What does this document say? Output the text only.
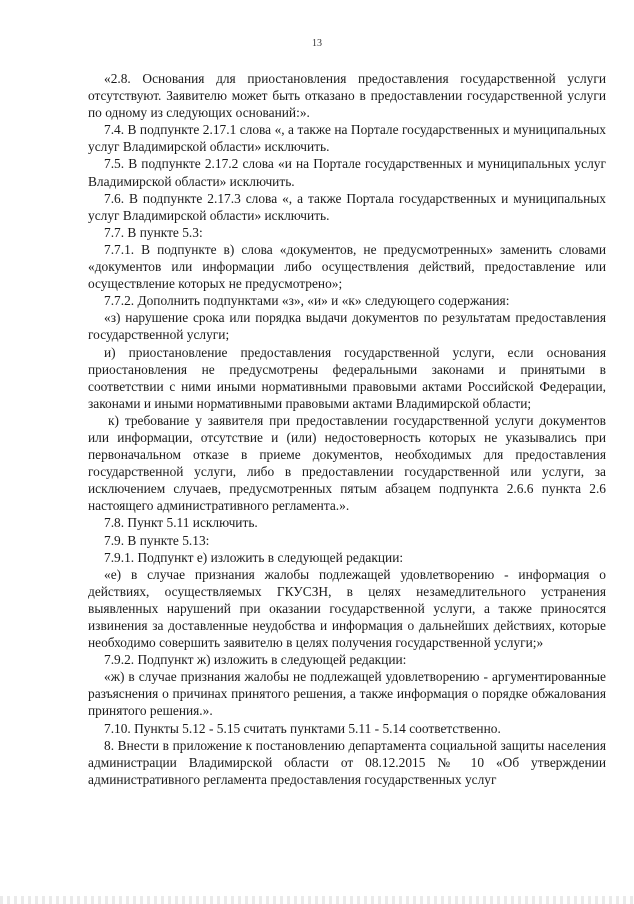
13

«2.8. Основания для приостановления предоставления государственной услуги отсутствуют. Заявителю может быть отказано в предоставлении государственной услуги по одному из следующих оснований:».

7.4. В подпункте 2.17.1 слова «, а также на Портале государственных и муниципальных услуг Владимирской области» исключить.

7.5. В подпункте 2.17.2 слова «и на Портале государственных и муниципальных услуг Владимирской области» исключить.

7.6. В подпункте 2.17.3 слова «, а также Портала государственных и муниципальных услуг Владимирской области» исключить.

7.7. В пункте 5.3:

7.7.1. В подпункте в) слова «документов, не предусмотренных» заменить словами «документов или информации либо осуществления действий, предоставление или осуществление которых не предусмотрено»;

7.7.2. Дополнить подпунктами «з», «и» и «к» следующего содержания:

«з) нарушение срока или порядка выдачи документов по результатам предоставления государственной услуги;

и) приостановление предоставления государственной услуги, если основания приостановления не предусмотрены федеральными законами и принятыми в соответствии с ними иными нормативными правовыми актами Российской Федерации, законами и иными нормативными правовыми актами Владимирской области;

к) требование у заявителя при предоставлении государственной услуги документов или информации, отсутствие и (или) недостоверность которых не указывались при первоначальном отказе в приеме документов, необходимых для предоставления государственной услуги, либо в предоставлении государственной или услуги, за исключением случаев, предусмотренных пятым абзацем подпункта 2.6.6 пункта 2.6 настоящего административного регламента.».

7.8. Пункт 5.11 исключить.

7.9. В пункте 5.13:

7.9.1. Подпункт е) изложить в следующей редакции:

«е) в случае признания жалобы подлежащей удовлетворению - информация о действиях, осуществляемых ГКУСЗН, в целях незамедлительного устранения выявленных нарушений при оказании государственной услуги, а также приносятся извинения за доставленные неудобства и информация о дальнейших действиях, которые необходимо совершить заявителю в целях получения государственной услуги;»

7.9.2. Подпункт ж) изложить в следующей редакции:

«ж) в случае признания жалобы не подлежащей удовлетворению - аргументированные разъяснения о причинах принятого решения, а также информация о порядке обжалования принятого решения.».

7.10. Пункты 5.12 - 5.15 считать пунктами 5.11 - 5.14 соответственно.

8. Внести в приложение к постановлению департамента социальной защиты населения администрации Владимирской области от 08.12.2015 № 10 «Об утверждении административного регламента предоставления государственных услуг
